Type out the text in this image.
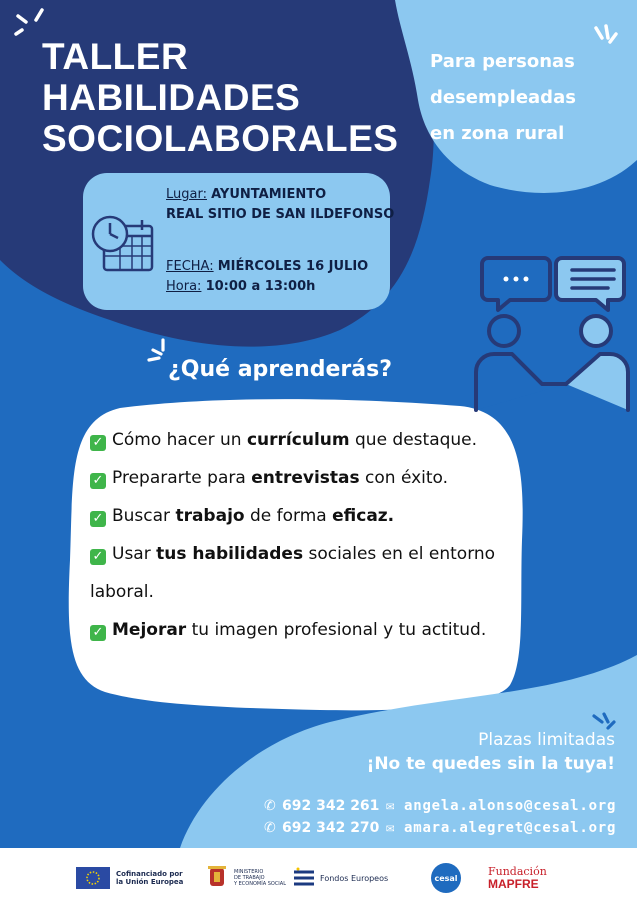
TALLER
HABILIDADES
SOCIOLABORALES
Para personas
desempleadas
en zona rural
Lugar: AYUNTAMIENTO
REAL SITIO DE SAN ILDEFONSO
FECHA: MIÉRCOLES 16 JULIO
Hora: 10:00 a 13:00h
¿Qué aprenderás?
✓ Cómo hacer un currículum que destaque.
✓ Prepararte para entrevistas con éxito.
✓ Buscar trabajo de forma eficaz.
✓ Usar tus habilidades sociales en el entorno laboral.
✓ Mejorar tu imagen profesional y tu actitud.
Plazas limitadas
¡No te quedes sin la tuya!
✆ 692 342 261
✆ 692 342 270
✉ angela.alonso@cesal.org
✉ amara.alegret@cesal.org
Cofinanciado por
la Unión Europea
MINISTERIO
DE TRABAJO
Y ECONOMÍA SOCIAL
Fondos Europeos	cesal
Fundación
MAPFRE
